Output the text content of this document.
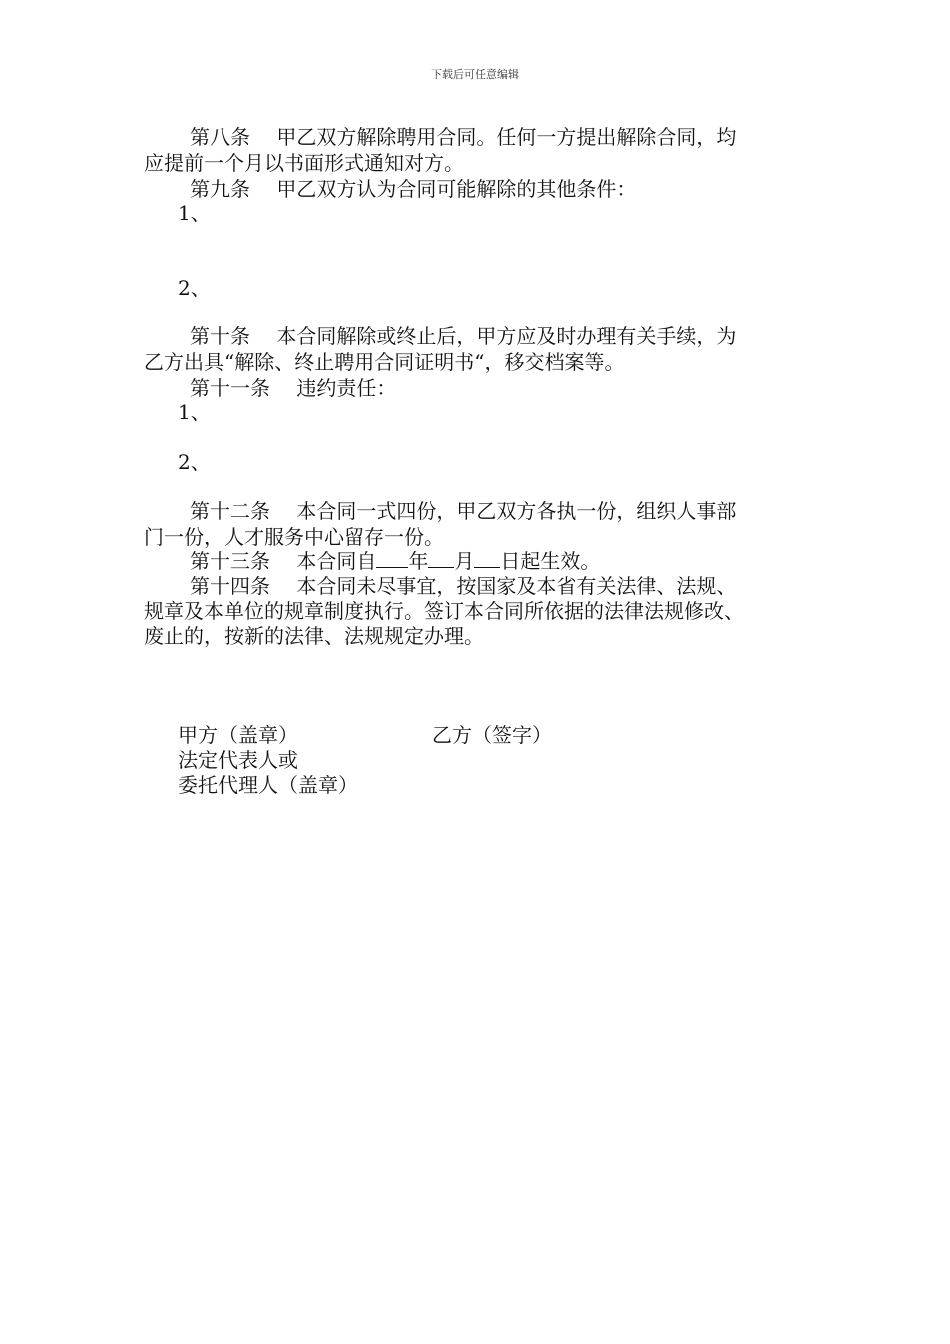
下载后可任意编辑
第八条　 甲乙双方解除聘用合同。任何一方提出解除合同，均
应提前一个月以书面形式通知对方。
第九条　 甲乙双方认为合同可能解除的其他条件：
1、
2、
第十条　 本合同解除或终止后，甲方应及时办理有关手续，为
乙方出具“解除、终止聘用合同证明书“，移交档案等。
第十一条　 违约责任：
1、
2、
第十二条　 本合同一式四份，甲乙双方各执一份，组织人事部
门一份，人才服务中心留存一份。
第十三条　 本合同自 年 月 日起生效。
第十四条　 本合同未尽事宜，按国家及本省有关法律、法规、
规章及本单位的规章制度执行。签订本合同所依据的法律法规修改、
废止的，按新的法律、法规规定办理。
甲方（盖章）	乙方（签字）
法定代表人或
委托代理人（盖章）
